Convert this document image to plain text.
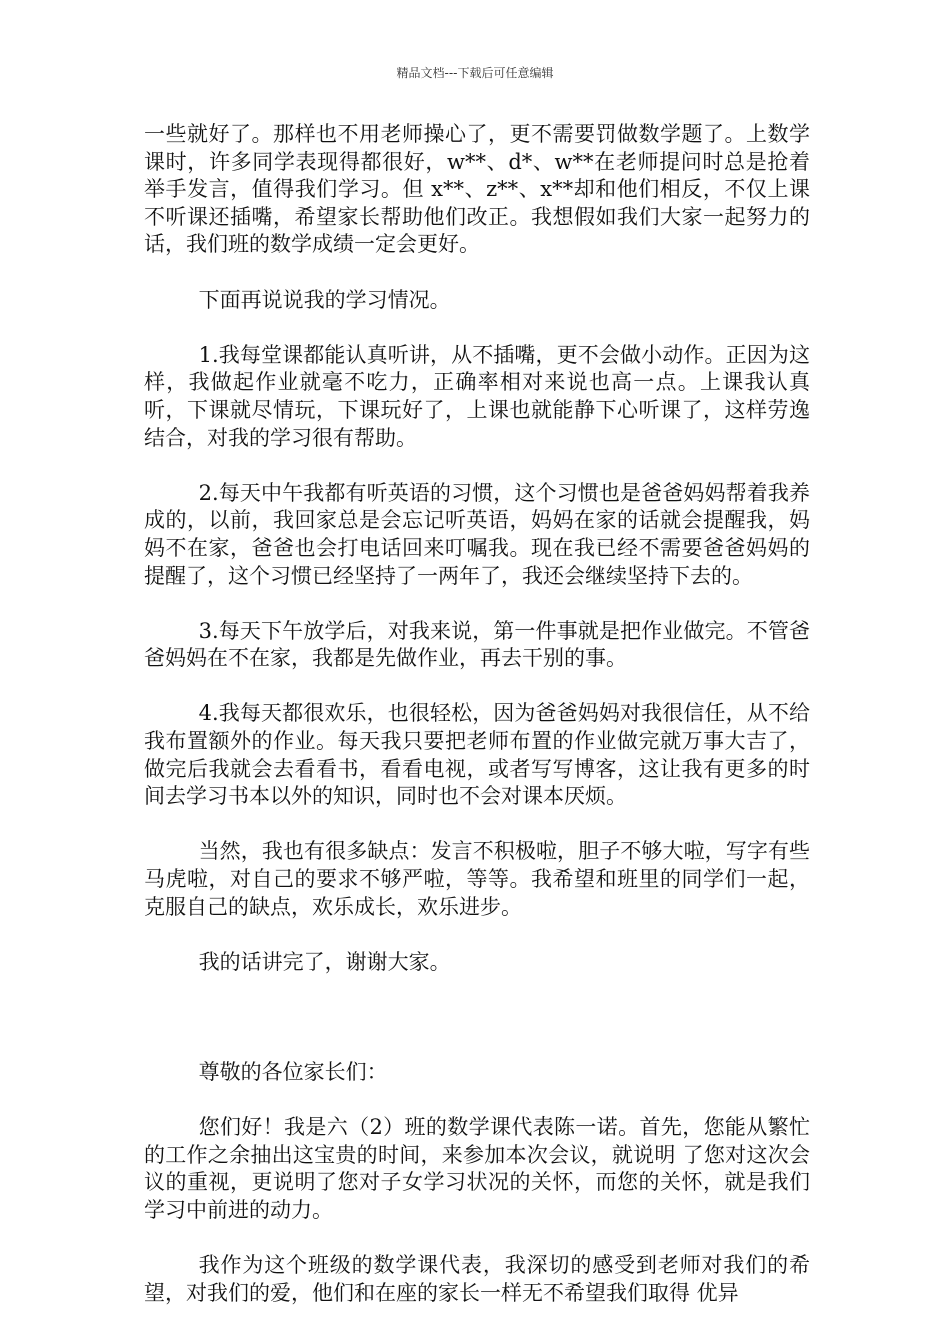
精品文档---下载后可任意编辑

一些就好了。那样也不用老师操心了，更不需要罚做数学题了。上数学课时，许多同学表现得都很好，w**、d*、w**在老师提问时总是抢着举手发言，值得我们学习。但 x**、z**、x**却和他们相反，不仅上课不听课还插嘴，希望家长帮助他们改正。我想假如我们大家一起努力的话，我们班的数学成绩一定会更好。

下面再说说我的学习情况。

1.我每堂课都能认真听讲，从不插嘴，更不会做小动作。正因为这样，我做起作业就毫不吃力，正确率相对来说也高一点。上课我认真听，下课就尽情玩，下课玩好了，上课也就能静下心听课了，这样劳逸结合，对我的学习很有帮助。

2.每天中午我都有听英语的习惯，这个习惯也是爸爸妈妈帮着我养成的，以前，我回家总是会忘记听英语，妈妈在家的话就会提醒我，妈妈不在家，爸爸也会打电话回来叮嘱我。现在我已经不需要爸爸妈妈的提醒了，这个习惯已经坚持了一两年了，我还会继续坚持下去的。

3.每天下午放学后，对我来说，第一件事就是把作业做完。不管爸爸妈妈在不在家，我都是先做作业，再去干别的事。

4.我每天都很欢乐，也很轻松，因为爸爸妈妈对我很信任，从不给我布置额外的作业。每天我只要把老师布置的作业做完就万事大吉了，做完后我就会去看看书，看看电视，或者写写博客，这让我有更多的时间去学习书本以外的知识，同时也不会对课本厌烦。

当然，我也有很多缺点：发言不积极啦，胆子不够大啦，写字有些马虎啦，对自己的要求不够严啦，等等。我希望和班里的同学们一起，克服自己的缺点，欢乐成长，欢乐进步。

我的话讲完了，谢谢大家。

尊敬的各位家长们：

您们好！我是六（2）班的数学课代表陈一诺。首先，您能从繁忙的工作之余抽出这宝贵的时间，来参加本次会议，就说明 了您对这次会议的重视，更说明了您对子女学习状况的关怀，而您的关怀，就是我们学习中前进的动力。

我作为这个班级的数学课代表，我深切的感受到老师对我们的希望，对我们的爱，他们和在座的家长一样无不希望我们取得 优异
